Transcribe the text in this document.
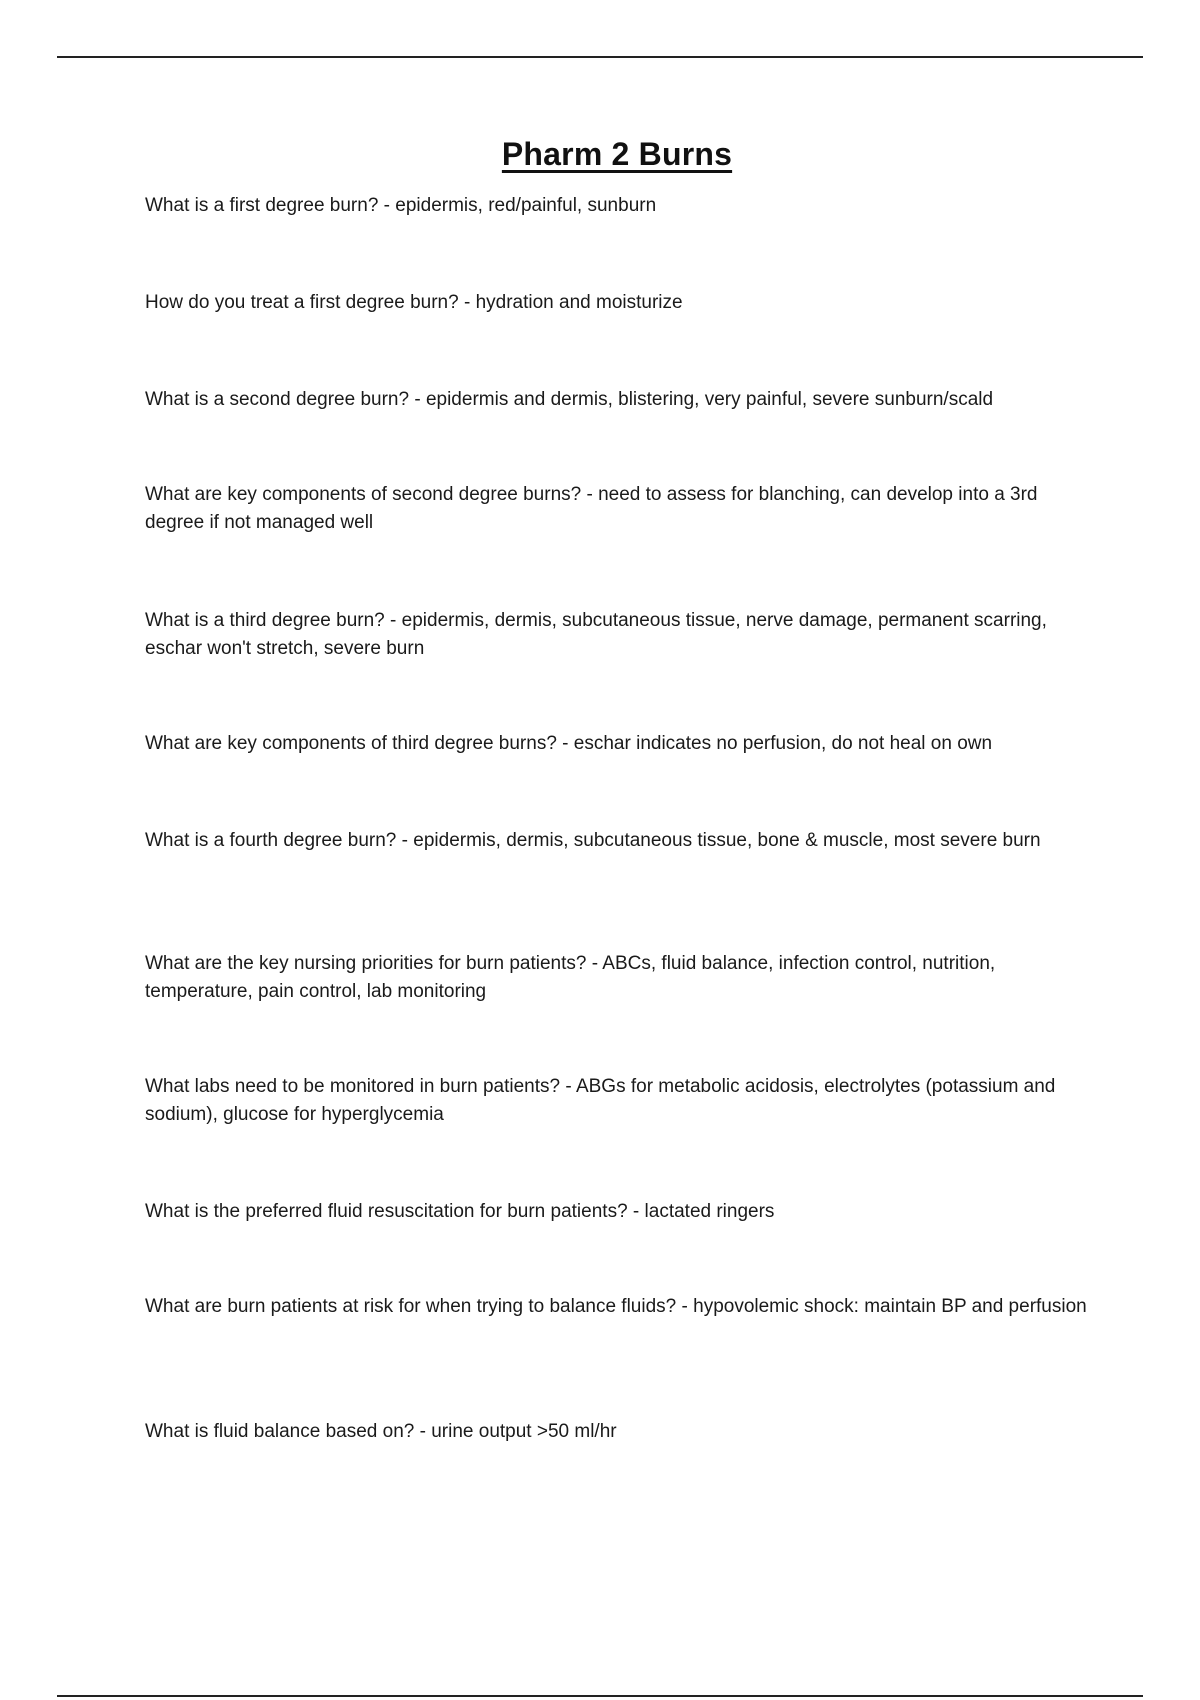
Pharm 2 Burns

What is a first degree burn? - epidermis, red/painful, sunburn

How do you treat a first degree burn? - hydration and moisturize

What is a second degree burn? - epidermis and dermis, blistering, very painful, severe sunburn/scald

What are key components of second degree burns? - need to assess for blanching, can develop into a 3rd degree if not managed well

What is a third degree burn? - epidermis, dermis, subcutaneous tissue, nerve damage, permanent scarring, eschar won't stretch, severe burn

What are key components of third degree burns? - eschar indicates no perfusion, do not heal on own

What is a fourth degree burn? - epidermis, dermis, subcutaneous tissue, bone & muscle, most severe burn

What are the key nursing priorities for burn patients? - ABCs, fluid balance, infection control, nutrition, temperature, pain control, lab monitoring

What labs need to be monitored in burn patients? - ABGs for metabolic acidosis, electrolytes (potassium and sodium), glucose for hyperglycemia

What is the preferred fluid resuscitation for burn patients? - lactated ringers

What are burn patients at risk for when trying to balance fluids? - hypovolemic shock: maintain BP and perfusion

What is fluid balance based on? - urine output >50 ml/hr
